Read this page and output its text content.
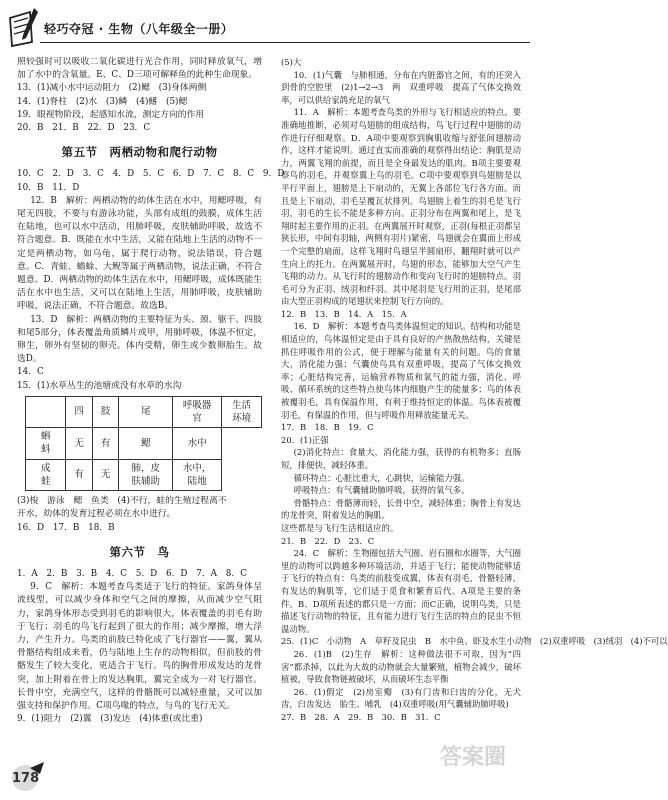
轻巧夺冠 · 生物（八年级全一册）

照较强时可以吸收二氧化碳进行光合作用，同时释放氧气，增加了水中的含氧量。E、C、D三项可解释鱼的此种生命现象。

13．(1)减小水中运动阻力　(2)鳃　(3)身体两侧
14．(1)脊柱　(2)水　(3)鳞　(4)鳍　(5)鳃
19．眼视物阶段，起感知水流，测定方向的作用
20．B　21．B　22．D　23．C
第五节　两栖动物和爬行动物
10．C　2．D　3．C　4．D　5．C　6．D　7．C　8．C　9．D
10．B　11．D

12．B　解析：两栖动物的幼体生活在水中，用鳃呼吸，有尾无四肢，不要与有游泳功能，头部有成组的鼓膜，成体生活在陆地，也可以水中活动，用肺呼吸，皮肤辅助呼吸，故选不符合题意。B．既能在水中生活，又能在陆地上生活的动物不一定是两栖动物，如乌龟，属于爬行动物，说法错误，符合题意。C．青蛙、蟾蜍、大鲵等属于两栖动物，说法正确，不符合题意。D．两栖动物的幼体生活在水中，用鳃呼吸，成体既能生活在水中也生活，又可以在陆地上生活，用肺呼吸，皮肤辅助呼吸，说法正确，不符合题意。故选B。

13．D　解析：两栖动物的主要特征为头、颈、躯干、四肢和尾5部分，体表覆盖角质鳞片或甲，用肺呼吸，体温不恒定，卵生，卵外有坚韧的卵壳。体内受精，卵生或少数卵胎生。故选D。

14．C
15．(1)水草丛生的池塘或没有水草的水沟
	四	肢	尾	呼吸器官	生活环境
蝌　蚪	无	有	鳃	水中	
成　蛙	有	无	肺，皮肤辅助	水中，陆地	
(3)梭　游泳　鳃　鱼类　(4)不行，蛙的生殖过程离不
开水，幼体的发育过程必须在水中进行。
16．D　17．B　18．B
第六节　鸟
1．A　2．B　3．B　4．C　5．D　6．D　7．A　8．C

9．C　解析：本题考查鸟类适于飞行的特征。家鸽身体呈流线型，可以减少身体和空气之间的摩擦，从而减少空气阻力，家鸽身体形态受到羽毛的影响很大，体表覆盖的羽毛有助于飞行；羽毛的鸟飞行起到了很大的作用；减少摩擦，增大浮力，产生升力。鸟类的前肢已特化成了飞行器官——翼，翼从骨骼结构组成来看，仍与陆地上生存的动物相似，但前肢的骨骼发生了较大变化，更适合于飞行。鸟的胸骨形成发达的龙骨突，加上附着在骨上的发达胸肌，翼完全成为一对飞行器官。长骨中空，充满空气，这样的骨骼既可以减轻重量，又可以加强支持和保护作用。C项鸟喙的特点，与鸟的飞行无关。

9．(1)阻力　(2)翼　(3)发达　(4)体重(或比重)
(5)大

10．(1)气囊　与肺相通，分布在内脏器官之间，有的还突入到骨的空腔里　(2)1→2→3　两　双重呼吸　提高了气体交换效率，可以供给家鸽充足的氧气

11．A　解析：本题考查鸟类的外形与飞行相适应的特点。要准确地推断，必须对鸟翅膀的组成结构，鸟飞行过程中翅膀的动作进行仔细观察。D．A项中要观察到胸肌收缩与舒张间翅膀动作，这样才能说明。通过直实而准确的观察得出结论：胸肌是动力，两翼飞翔的前提，而且是全身最发达的肌肉。B项主要要观察鸟的羽毛，并观察翼上鸟的羽毛。C项中要观察到鸟翅膀是以平行平面上，翅膀是上下扇动的，无翼上各部位飞行各方面。而且是上下扇动，羽毛呈覆瓦状排列。鸟翅膀上着生的羽毛是飞行羽，羽毛的生长不能是多种方向。正羽分布在两翼和尾上，是飞翔时起主要作用的正羽。在两翼展开时观察，正羽(每根正羽都呈狭长形，中间有羽轴，两侧有羽片)紧密，鸟翅就会在翼面上形成一个完整的扇面，这样飞翔时鸟翅呈半圆扇形，翻翔时就可以产生向上的托力。在两翼展开时，鸟翅的形态，能够加大空气产生飞翔的动力。从飞行时的翅膀动作和变向飞行时的翅膀特点。羽毛可分为正羽、绒羽和纤羽。其中尾羽是飞行用的正羽，是尾部由大型正羽构成的尾翅状来控制飞行方向的。

12．B　13．B　14．A　15．A

16．D　解析：本题考查鸟类体温恒定的知识。结构和功能是相适应的，鸟体温恒定是由于具有良好的产热散热结构，关键是抓住呼吸作用的公式，便于理解与能量有关的问题。鸟的食量大，消化能力强；气囊使鸟具有双重呼吸，提高了气体交换效率；心脏结构完善，运输营养物质和氧气的能力强，消化、呼吸、循环系统的这些特点使鸟体内细胞产生的能量多；鸟的体表被覆羽毛，具有保温作用，有利于维持恒定的体温。鸟体表被覆羽毛，有保温的作用，但与呼吸作用释放能量无关。

17．B　18．B　19．C
20．(1)正强

(2)消化特点：食量大，消化能力强，获得的有机物多；直肠短，排便快，减轻体重。

循环特点：心脏比重大，心跳快，运输能力强。

呼吸特点：有气囊辅助肺呼吸，获得的氧气多。

骨骼特点：骨骼薄而轻，长骨中空，减轻体重；胸骨上有发达的龙骨突，附着发达的胸肌。

这些都是与飞行生活相适应的。
21．B　22．D　23．C

24．C　解析：生物圈包括大气圈、岩石圈和水圈等，大气圈里的动物可以跨越多种环境活动，并适于飞行；能使动物能够适于飞行的特点有：鸟类的前肢变成翼，体表有羽毛，骨骼轻薄，有发达的胸肌等，它们适于觅食和繁育后代。A项是主要的条件。B、D项所表述的都只是一方面；而C正确，说明鸟类，只是描述飞行动物的特征，且有能力进行飞行生活的特点的昆虫不恒温动物。

25．(1)C　小动物　A　草籽及昆虫　B　水中鱼、虾及水生小动物　(2)双重呼吸　(3)绒羽　(4)不可以

26．(1)B　(2)生存　解析：这种做法很不可取，因为“四害”都杀掉，以此为大故的动物就会大量繁殖，植物会减少，破坏植被，导致食物链被破坏，从而破坏生态平衡

26．(1)假定　(2)房室瓣　(3)有门齿和臼齿的分化，无犬齿，臼齿发达　胎生、哺乳　(4)双重呼吸(用气囊辅助肺呼吸)

27．B　28．A　29．B　30．B　31．C
178
答案圈
